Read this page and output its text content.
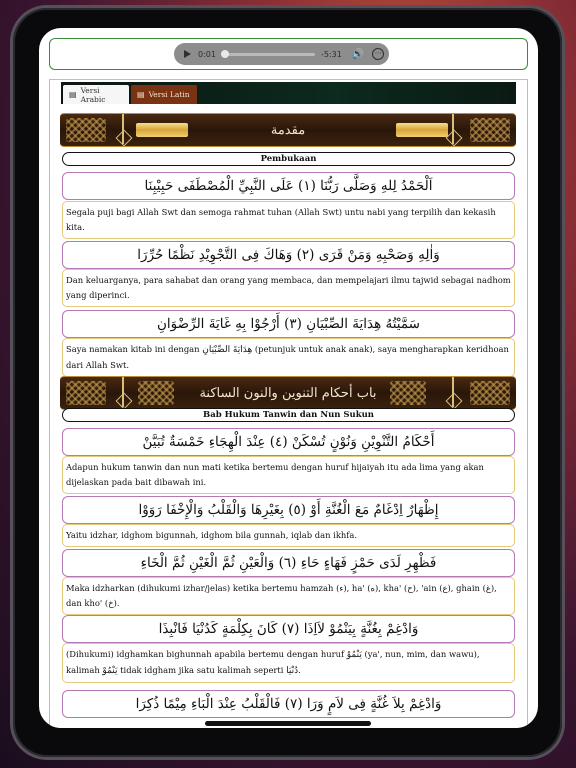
0:01	-5:31 🔊	⋯
▤ Versi Arabic	▤ Versi Latin
مقدمة
Pembukaan
اَلْحَمْدُ لِلهِ وَصَلَّى رَبُّنَا (١) عَلَى النَّبِيِّ الْمُصْطَفَى حَبِيْبِنَا
Segala puji bagi Allah Swt dan semoga rahmat tuhan (Allah Swt) untu nabi yang terpilih dan kekasih kita.
وَاٰلِهِ وَصَحْبِهِ وَمَنْ قَرَى (٢) وَهَاكَ فِى التَّجْوِيْدِ نَظْمًا حُرِّرَا
Dan keluarganya, para sahabat dan orang yang membaca, dan mempelajari ilmu tajwid sebagai nadhom yang diperinci.
سَمَّيْتُهُ هِدَايَةَ الصِّبْيَانِ (٣) أَرْجُوْا بِهِ غَايَةَ الرِّضْوَانِ
Saya namakan kitab ini dengan هِدَايَةَ الصِّبْيَانِ (petunjuk untuk anak anak), saya mengharapkan keridhoan dari Allah Swt.
باب أحكام التنوين والنون الساكنة
Bab Hukum Tanwin dan Nun Sukun
أَحْكَامُ التَّنْوِيْنِ وَنُوْنٍ تُسْكَنْ (٤) عِنْدَ الْهِجَاءِ خَمْسَةٌ تُبَيَّنْ
Adapun hukum tanwin dan nun mati ketika bertemu dengan huruf hijaiyah itu ada lima yang akan dijelaskan pada bait dibawah ini.
إِظْهَارٌ اِدْغَامٌ مَعَ الْغُنَّةِ أَوْ (٥) بِغَيْرِهَا وَالْقَلْبُ وَالْإِخْفَا رَوَوْا
Yaitu idzhar, idghom bigunnah, idghom bila gunnah, iqlab dan ikhfa.
فَظْهِرِ لَدَى حَمْزٍ فَهَاءٍ حَاءِ (٦) وَالْعَيْنِ ثُمَّ الْغَيْنِ ثُمَّ الْخَاءِ
Maka idzharkan (dihukumi izhar/jelas) ketika bertemu hamzah (ء), ha' (ه), kha' (ح), 'ain (ع), ghain (غ), dan kho' (خ).
وَادْغِمْ بِغُنَّةٍ بِيَنْمُوْ لاَاِذَا (٧) كَانَ بِكِلْمَةٍ كَدُنْيَا فَانْبِذَا
(Dihukumi) idghamkan bighunnah apabila bertemu dengan huruf يَنْمُوْ (ya', nun, mim, dan wawu), kalimah يَنْمُوْ tidak idgham jika satu kalimah seperti دُنْيَا.
وَادْغِمْ بِلاَ غُنَّةٍ فِى لاَمٍ وَرَا (٧) فَالْقَلْبُ عِنْدَ الْبَاءِ مِيْمًا ذُكِرَا
